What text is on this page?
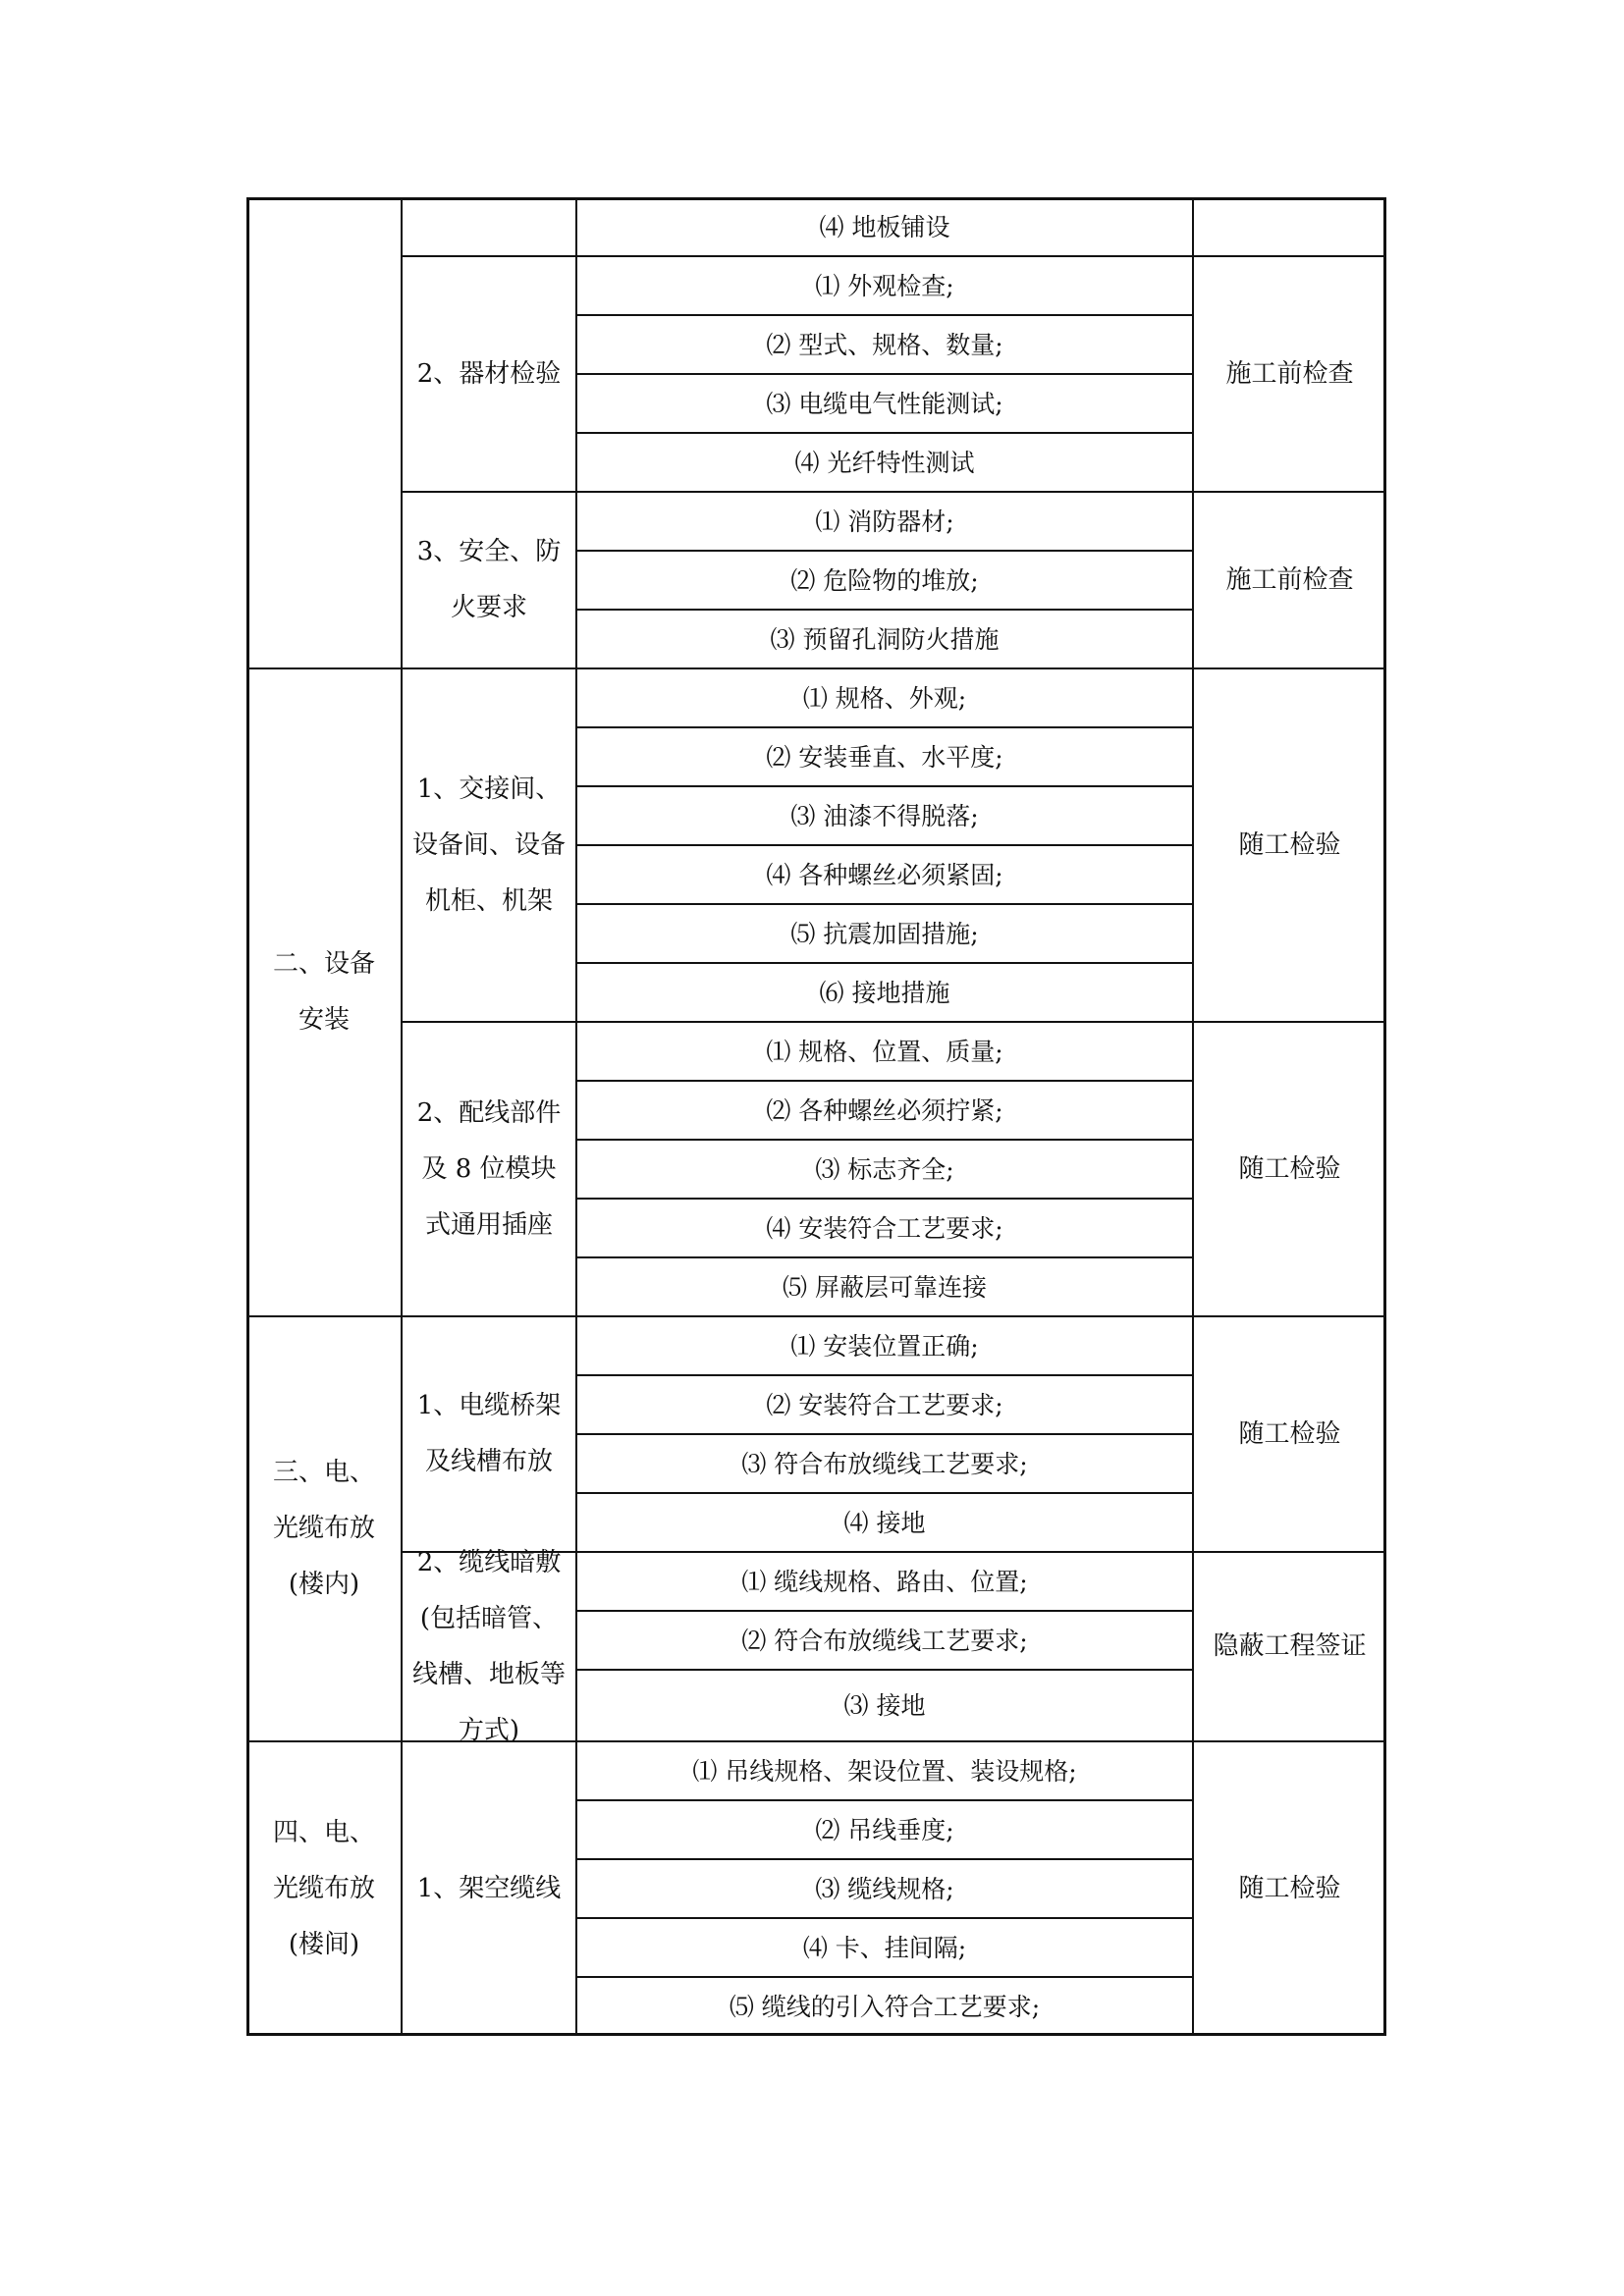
⑷ 地板铺设
⑴ 外观检查;
⑵ 型式、规格、数量;
⑶ 电缆电气性能测试;
⑷ 光纤特性测试
2、器材检验	施工前检查
⑴ 消防器材;
⑵ 危险物的堆放;
⑶ 预留孔洞防火措施
3、安全、防火要求
施工前检查
⑴ 规格、外观;
⑵ 安装垂直、水平度;
⑶ 油漆不得脱落;
⑷ 各种螺丝必须紧固;
⑸ 抗震加固措施;
⑹ 接地措施
1、交接间、设备间、设备机柜、机架
随工检验
⑴ 规格、位置、质量;
⑵ 各种螺丝必须拧紧;
⑶ 标志齐全;
⑷ 安装符合工艺要求;
⑸ 屏蔽层可靠连接
2、配线部件及 8 位模块式通用插座
随工检验
二、设备安装
⑴ 安装位置正确;
⑵ 安装符合工艺要求;
⑶ 符合布放缆线工艺要求;
⑷ 接地
1、电缆桥架及线槽布放
随工检验
⑴ 缆线规格、路由、位置;
⑵ 符合布放缆线工艺要求;
⑶ 接地
2、缆线暗敷(包括暗管、线槽、地板等方式)
隐蔽工程签证
三、电、光缆布放(楼内)
⑴ 吊线规格、架设位置、装设规格;
⑵ 吊线垂度;
⑶ 缆线规格;
⑷ 卡、挂间隔;
⑸ 缆线的引入符合工艺要求;
1、架空缆线	随工检验
四、电、光缆布放(楼间)
